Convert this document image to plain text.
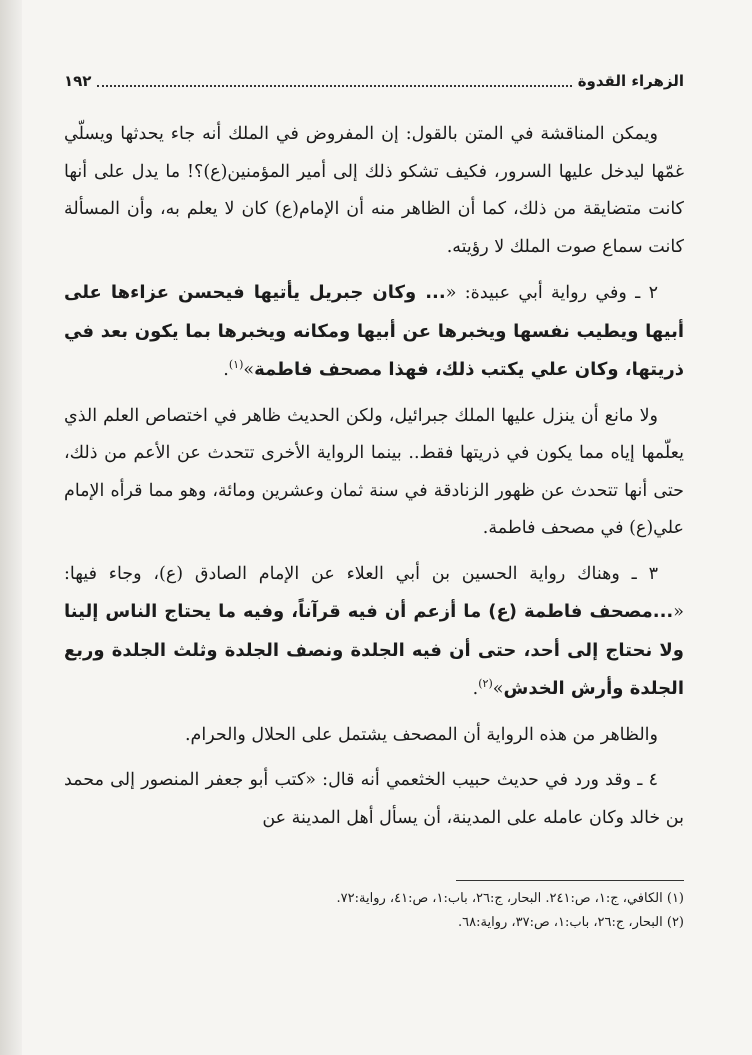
الزهراء القدوة
١٩٢

ويمكن المناقشة في المتن بالقول: إن المفروض في الملك أنه جاء يحدثها ويسلّي غمّها ليدخل عليها السرور، فكيف تشكو ذلك إلى أمير المؤمنين(ع)؟! ما يدل على أنها كانت متضايقة من ذلك، كما أن الظاهر منه أن الإمام(ع) كان لا يعلم به، وأن المسألة كانت سماع صوت الملك لا رؤيته.

٢ ـ وفي رواية أبي عبيدة: «... وكان جبريل يأتيها فيحسن عزاءها على أبيها ويطيب نفسها ويخبرها عن أبيها ومكانه ويخبرها بما يكون بعد في ذريتها، وكان علي يكتب ذلك، فهذا مصحف فاطمة»$^{(١)}$.

ولا مانع أن ينزل عليها الملك جبرائيل، ولكن الحديث ظاهر في اختصاص العلم الذي يعلّمها إياه مما يكون في ذريتها فقط.. بينما الرواية الأخرى تتحدث عن الأعم من ذلك، حتى أنها تتحدث عن ظهور الزنادقة في سنة ثمان وعشرين ومائة، وهو مما قرأه الإمام علي(ع) في مصحف فاطمة.

٣ ـ وهناك رواية الحسين بن أبي العلاء عن الإمام الصادق (ع)، وجاء فيها: «...مصحف فاطمة (ع) ما أزعم أن فيه قرآناً، وفيه ما يحتاج الناس إلينا ولا نحتاج إلى أحد، حتى أن فيه الجلدة ونصف الجلدة وثلث الجلدة وربع الجلدة وأرش الخدش»$^{(٢)}$.

والظاهر من هذه الرواية أن المصحف يشتمل على الحلال والحرام.

٤ ـ وقد ورد في حديث حبيب الخثعمي أنه قال: «كتب أبو جعفر المنصور إلى محمد بن خالد وكان عامله على المدينة، أن يسأل أهل المدينة عن

(١) الكافي، ج:١، ص:٢٤١. البحار، ج:٢٦، باب:١، ص:٤١، رواية:٧٢.
(٢) البحار، ج:٢٦، باب:١، ص:٣٧، رواية:٦٨.
